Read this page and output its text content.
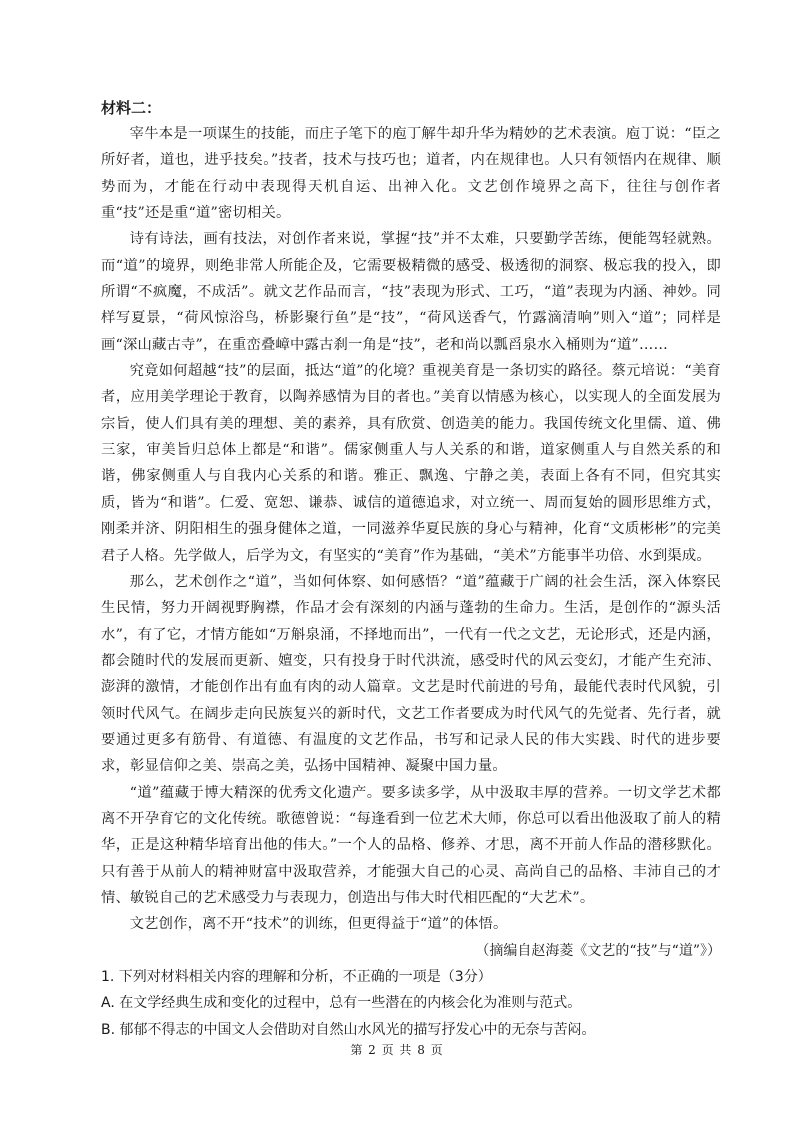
材料二：

宰牛本是一项谋生的技能，而庄子笔下的庖丁解牛却升华为精妙的艺术表演。庖丁说：“臣之所好者，道也，进乎技矣。”技者，技术与技巧也；道者，内在规律也。人只有领悟内在规律、顺势而为，才能在行动中表现得天机自运、出神入化。文艺创作境界之高下，往往与创作者重“技”还是重“道”密切相关。

诗有诗法，画有技法，对创作者来说，掌握“技”并不太难，只要勤学苦练，便能驾轻就熟。而“道”的境界，则绝非常人所能企及，它需要极精微的感受、极透彻的洞察、极忘我的投入，即所谓“不疯魔，不成活”。就文艺作品而言，“技”表现为形式、工巧，“道”表现为内涵、神妙。同样写夏景，“荷风惊浴鸟，桥影聚行鱼”是“技”，“荷风送香气，竹露滴清响”则入“道”；同样是画“深山藏古寺”，在重峦叠嶂中露古刹一角是“技”，老和尚以瓢舀泉水入桶则为“道”……

究竟如何超越“技”的层面，抵达“道”的化境？重视美育是一条切实的路径。蔡元培说：“美育者，应用美学理论于教育，以陶养感情为目的者也。”美育以情感为核心，以实现人的全面发展为宗旨，使人们具有美的理想、美的素养，具有欣赏、创造美的能力。我国传统文化里儒、道、佛三家，审美旨归总体上都是“和谐”。儒家侧重人与人关系的和谐，道家侧重人与自然关系的和谐，佛家侧重人与自我内心关系的和谐。雅正、飘逸、宁静之美，表面上各有不同，但究其实质，皆为“和谐”。仁爱、宽恕、谦恭、诚信的道德追求，对立统一、周而复始的圆形思维方式，刚柔并济、阴阳相生的强身健体之道，一同滋养华夏民族的身心与精神，化育“文质彬彬”的完美君子人格。先学做人，后学为文，有坚实的“美育”作为基础，“美术”方能事半功倍、水到渠成。

那么，艺术创作之“道”，当如何体察、如何感悟？“道”蕴藏于广阔的社会生活，深入体察民生民情，努力开阔视野胸襟，作品才会有深刻的内涵与蓬勃的生命力。生活，是创作的“源头活水”，有了它，才情方能如“万斛泉涌，不择地而出”，一代有一代之文艺，无论形式，还是内涵，都会随时代的发展而更新、嬗变，只有投身于时代洪流，感受时代的风云变幻，才能产生充沛、澎湃的激情，才能创作出有血有肉的动人篇章。文艺是时代前进的号角，最能代表时代风貌，引领时代风气。在阔步走向民族复兴的新时代，文艺工作者要成为时代风气的先觉者、先行者，就要通过更多有筋骨、有道德、有温度的文艺作品，书写和记录人民的伟大实践、时代的进步要求，彰显信仰之美、崇高之美，弘扬中国精神、凝聚中国力量。

“道”蕴藏于博大精深的优秀文化遗产。要多读多学，从中汲取丰厚的营养。一切文学艺术都离不开孕育它的文化传统。歌德曾说：“每逢看到一位艺术大师，你总可以看出他汲取了前人的精华，正是这种精华培育出他的伟大。”一个人的品格、修养、才思，离不开前人作品的潜移默化。只有善于从前人的精神财富中汲取营养，才能强大自己的心灵、高尚自己的品格、丰沛自己的才情、敏锐自己的艺术感受力与表现力，创造出与伟大时代相匹配的“大艺术”。

文艺创作，离不开“技术”的训练，但更得益于“道”的体悟。

（摘编自赵海菱《文艺的“技”与“道”》）

1. 下列对材料相关内容的理解和分析，不正确的一项是（3分）

A. 在文学经典生成和变化的过程中，总有一些潜在的内核会化为准则与范式。

B. 郁郁不得志的中国文人会借助对自然山水风光的描写抒发心中的无奈与苦闷。

第 2 页 共 8 页
